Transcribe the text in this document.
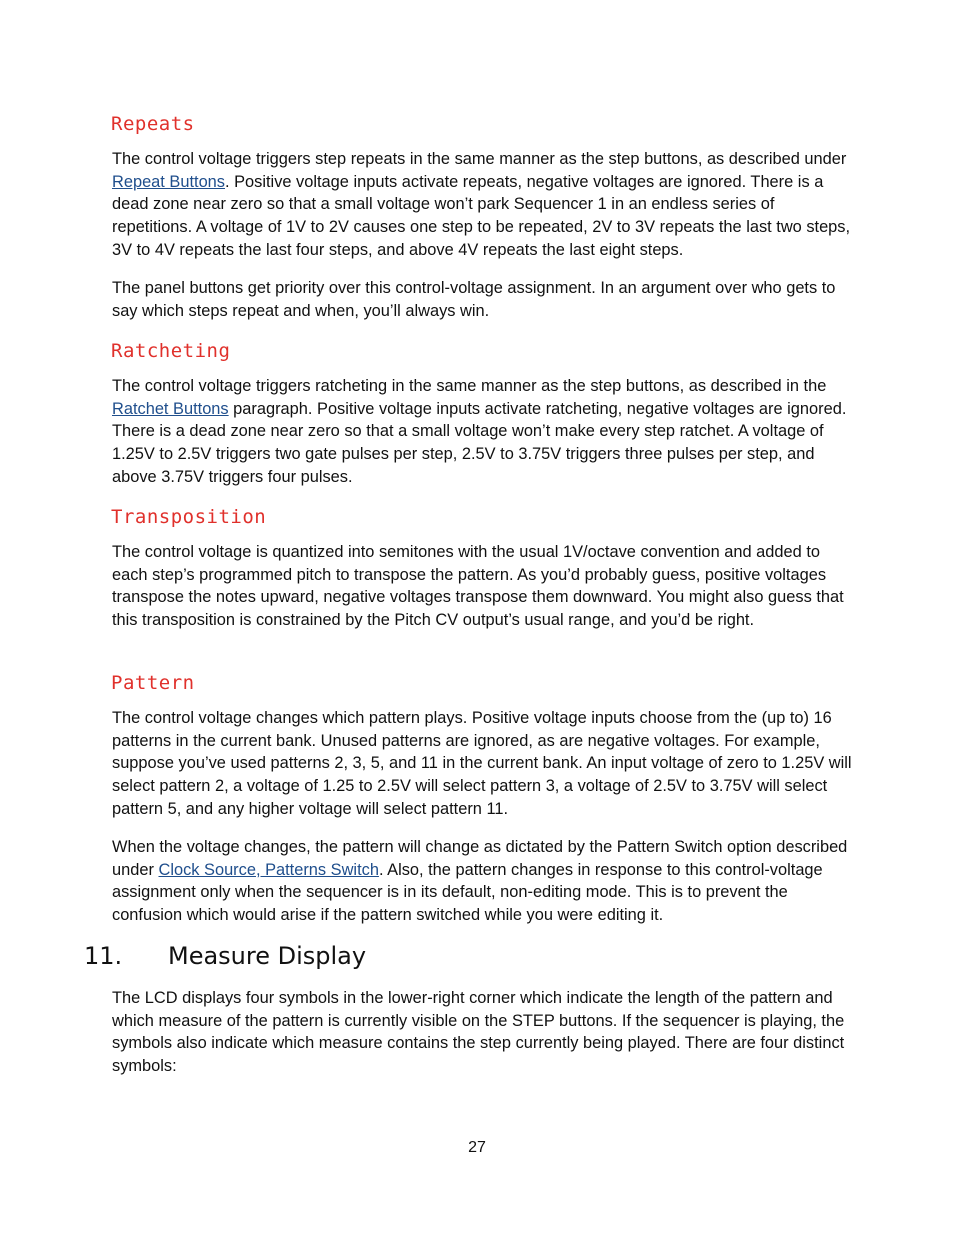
Repeats

The control voltage triggers step repeats in the same manner as the step buttons, as described under Repeat Buttons. Positive voltage inputs activate repeats, negative voltages are ignored. There is a dead zone near zero so that a small voltage won’t park Sequencer 1 in an endless series of repetitions. A voltage of 1V to 2V causes one step to be repeated, 2V to 3V repeats the last two steps, 3V to 4V repeats the last four steps, and above 4V repeats the last eight steps.

The panel buttons get priority over this control-voltage assignment. In an argument over who gets to say which steps repeat and when, you’ll always win.

Ratcheting

The control voltage triggers ratcheting in the same manner as the step buttons, as described in the Ratchet Buttons paragraph. Positive voltage inputs activate ratcheting, negative voltages are ignored. There is a dead zone near zero so that a small voltage won’t make every step ratchet. A voltage of 1.25V to 2.5V triggers two gate pulses per step, 2.5V to 3.75V triggers three pulses per step, and above 3.75V triggers four pulses.

Transposition

The control voltage is quantized into semitones with the usual 1V/octave convention and added to each step’s programmed pitch to transpose the pattern. As you’d probably guess, positive voltages transpose the notes upward, negative voltages transpose them downward. You might also guess that this transposition is constrained by the Pitch CV output’s usual range, and you’d be right.

Pattern

The control voltage changes which pattern plays. Positive voltage inputs choose from the (up to) 16 patterns in the current bank. Unused patterns are ignored, as are negative voltages. For example, suppose you’ve used patterns 2, 3, 5, and 11 in the current bank. An input voltage of zero to 1.25V will select pattern 2, a voltage of 1.25 to 2.5V will select pattern 3, a voltage of 2.5V to 3.75V will select pattern 5, and any higher voltage will select pattern 11.

When the voltage changes, the pattern will change as dictated by the Pattern Switch option described under Clock Source, Patterns Switch. Also, the pattern changes in response to this control-voltage assignment only when the sequencer is in its default, non-editing mode. This is to prevent the confusion which would arise if the pattern switched while you were editing it.

11. Measure Display

The LCD displays four symbols in the lower-right corner which indicate the length of the pattern and which measure of the pattern is currently visible on the STEP buttons. If the sequencer is playing, the symbols also indicate which measure contains the step currently being played. There are four distinct symbols:

27
